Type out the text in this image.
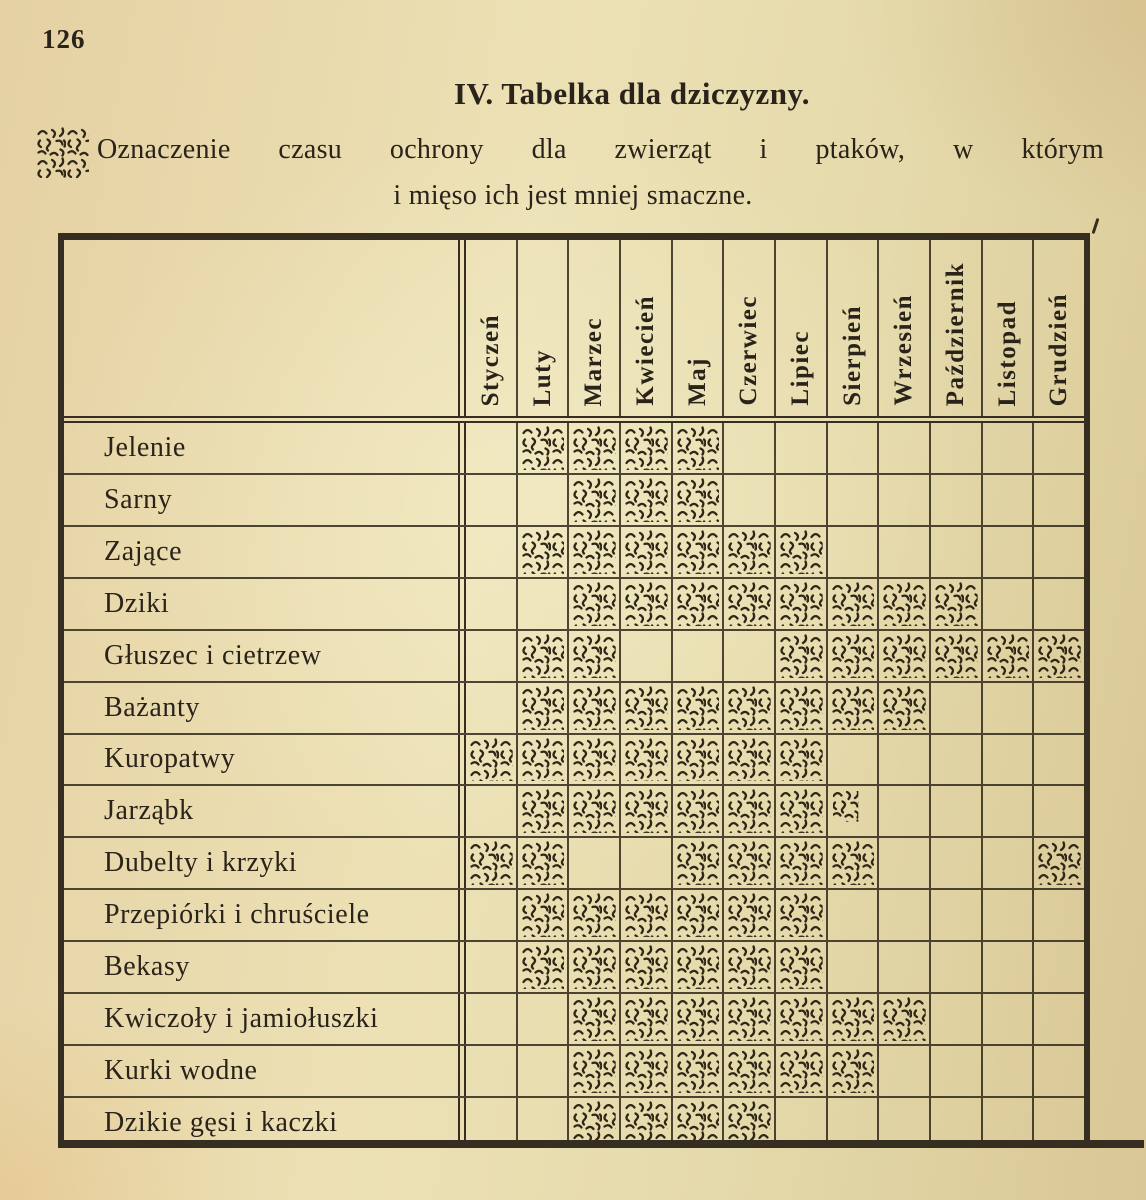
126
IV. Tabelka dla dziczyzny.
Oznaczenie czasu ochrony dla zwierząt i ptaków, w którym
i mięso ich jest mniej smaczne.
Styczeń Luty Marzec Kwiecień Maj Czerwiec Lipiec Sierpień Wrzesień Październik Listopad Grudzień
Jelenie
Sarny
Zające
Dziki
Głuszec i cietrzew
Bażanty
Kuropatwy
Jarząbk
Dubelty i krzyki
Przepiórki i chruściele
Bekasy
Kwiczoły i jamiołuszki
Kurki wodne
Dzikie gęsi i kaczki
